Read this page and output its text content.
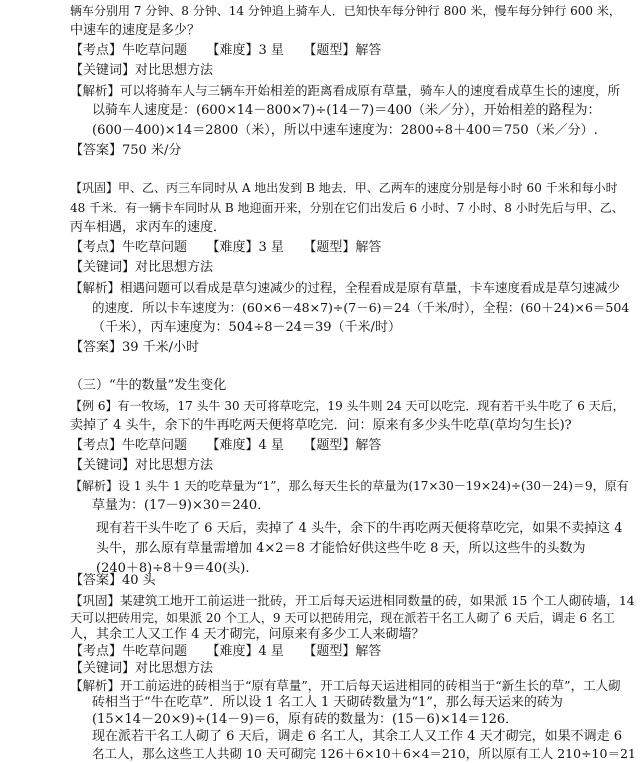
辆车分别用 7 分钟、8 分钟、14 分钟追上骑车人．已知快车每分钟行 800 米，慢车每分钟行 600 米，
中速车的速度是多少？
【考点】牛吃草问题　　【难度】3 星　　【题型】解答
【关键词】对比思想方法
【解析】可以将骑车人与三辆车开始相差的距离看成原有草量，骑车人的速度看成草生长的速度，所
以骑车人速度是：(600×14－800×7)÷(14－7)＝400（米／分），开始相差的路程为：
(600－400)×14＝2800（米），所以中速车速度为：2800÷8＋400＝750（米／分）.
【答案】750 米/分
【巩固】甲、乙、丙三车同时从 A 地出发到 B 地去．甲、乙两车的速度分别是每小时 60 千米和每小时
48 千米．有一辆卡车同时从 B 地迎面开来，分别在它们出发后 6 小时、7 小时、8 小时先后与甲、乙、
丙车相遇，求丙车的速度．
【考点】牛吃草问题　　【难度】3 星　　【题型】解答
【关键词】对比思想方法
【解析】相遇问题可以看成是草匀速减少的过程，全程看成是原有草量，卡车速度看成是草匀速减少
的速度．所以卡车速度为：(60×6－48×7)÷(7－6)＝24（千米/时），全程：(60＋24)×6＝504
（千米），丙车速度为：504÷8－24＝39（千米/时）
【答案】39 千米/小时
（三）“牛的数量”发生变化
【例 6】有一牧场，17 头牛 30 天可将草吃完，19 头牛则 24 天可以吃完．现有若干头牛吃了 6 天后，
卖掉了 4 头牛，余下的牛再吃两天便将草吃完．问：原来有多少头牛吃草(草均匀生长)?
【考点】牛吃草问题　　【难度】4 星　　【题型】解答
【关键词】对比思想方法
【解析】设 1 头牛 1 天的吃草量为“1”，那么每天生长的草量为(17×30－19×24)÷(30－24)＝9，原有
草量为：(17－9)×30＝240．
现有若干头牛吃了 6 天后，卖掉了 4 头牛，余下的牛再吃两天便将草吃完，如果不卖掉这 4
头牛，那么原有草量需增加 4×2＝8 才能恰好供这些牛吃 8 天，所以这些牛的头数为
(240＋8)÷8＋9＝40(头).
【答案】40 头
【巩固】某建筑工地开工前运进一批砖，开工后每天运进相同数量的砖，如果派 15 个工人砌砖墙，14
天可以把砖用完，如果派 20 个工人，9 天可以把砖用完，现在派若干名工人砌了 6 天后，调走 6 名工
人，其余工人又工作 4 天才砌完，问原来有多少工人来砌墙？
【考点】牛吃草问题　　【难度】4 星　　【题型】解答
【关键词】对比思想方法
【解析】开工前运进的砖相当于“原有草量”，开工后每天运进相同的砖相当于“新生长的草”，工人砌
砖相当于“牛在吃草”．所以设 1 名工人 1 天砌砖数量为“1”，那么每天运来的砖为
(15×14－20×9)÷(14－9)＝6，原有砖的数量为：(15－6)×14＝126．
现在派若干名工人砌了 6 天后，调走 6 名工人，其余工人又工作 4 天才砌完，如果不调走 6
名工人，那么这些工人共砌 10 天可砌完 126＋6×10＋6×4＝210，所以原有工人 210÷10＝21
